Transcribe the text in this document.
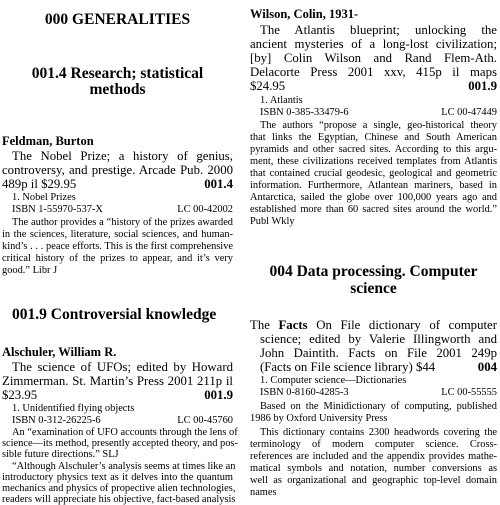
000 GENERALITIES
001.4 Research; statistical
methods
Feldman, Burton
The Nobel Prize; a history of genius,
controversy, and prestige. Arcade Pub. 2000
489p il $29.95	001.4
1. Nobel Prizes
ISBN 1-55970-537-X	LC 00-42002
The author provides a “history of the prizes awarded
in the sciences, literature, social sciences, and human-
kind’s . . . peace efforts. This is the first comprehensive
critical history of the prizes to appear, and it’s very
good.” Libr J
001.9 Controversial knowledge
Alschuler, William R.
The science of UFOs; edited by Howard
Zimmerman. St. Martin’s Press 2001 211p il
$23.95	001.9
1. Unidentified flying objects
ISBN 0-312-26225-6	LC 00-45760
An “examination of UFO accounts through the lens of
science—its method, presently accepted theory, and pos-
sible future directions.” SLJ
“Although Alschuler’s analysis seems at times like an
introductory physics text as it delves into the quantum
mechanics and physics of propective alien technologies,
readers will appreciate his objective, fact-based analysis
Wilson, Colin, 1931-
The Atlantis blueprint; unlocking the
ancient mysteries of a long-lost civilization;
[by] Colin Wilson and Rand Flem-Ath.
Delacorte Press 2001 xxv, 415p il maps
$24.95	001.9
1. Atlantis
ISBN 0-385-33479-6	LC 00-47449
The authors “propose a single, geo-historical theory
that links the Egyptian, Chinese and South American
pyramids and other sacred sites. According to this argu-
ment, these civilizations received templates from Atlantis
that contained crucial geodesic, geological and geometric
information. Furthermore, Atlantean mariners, based in
Antarctica, sailed the globe over 100,000 years ago and
established more than 60 sacred sites around the world.”
Publ Wkly
004 Data processing. Computer
science
The Facts On File dictionary of computer
science; edited by Valerie Illingworth and
John Daintith. Facts on File 2001 249p
(Facts on File science library) $44	004
1. Computer science—Dictionaries
ISBN 0-8160-4285-3	LC 00-55555
Based on the Minidictionary of computing, published
1986 by Oxford University Press
This dictionary contains 2300 headwords covering the
terminology of modern computer science. Cross-
references are included and the appendix provides mathe-
matical symbols and notation, number conversions as
well as organizational and geographic top-level domain
names
